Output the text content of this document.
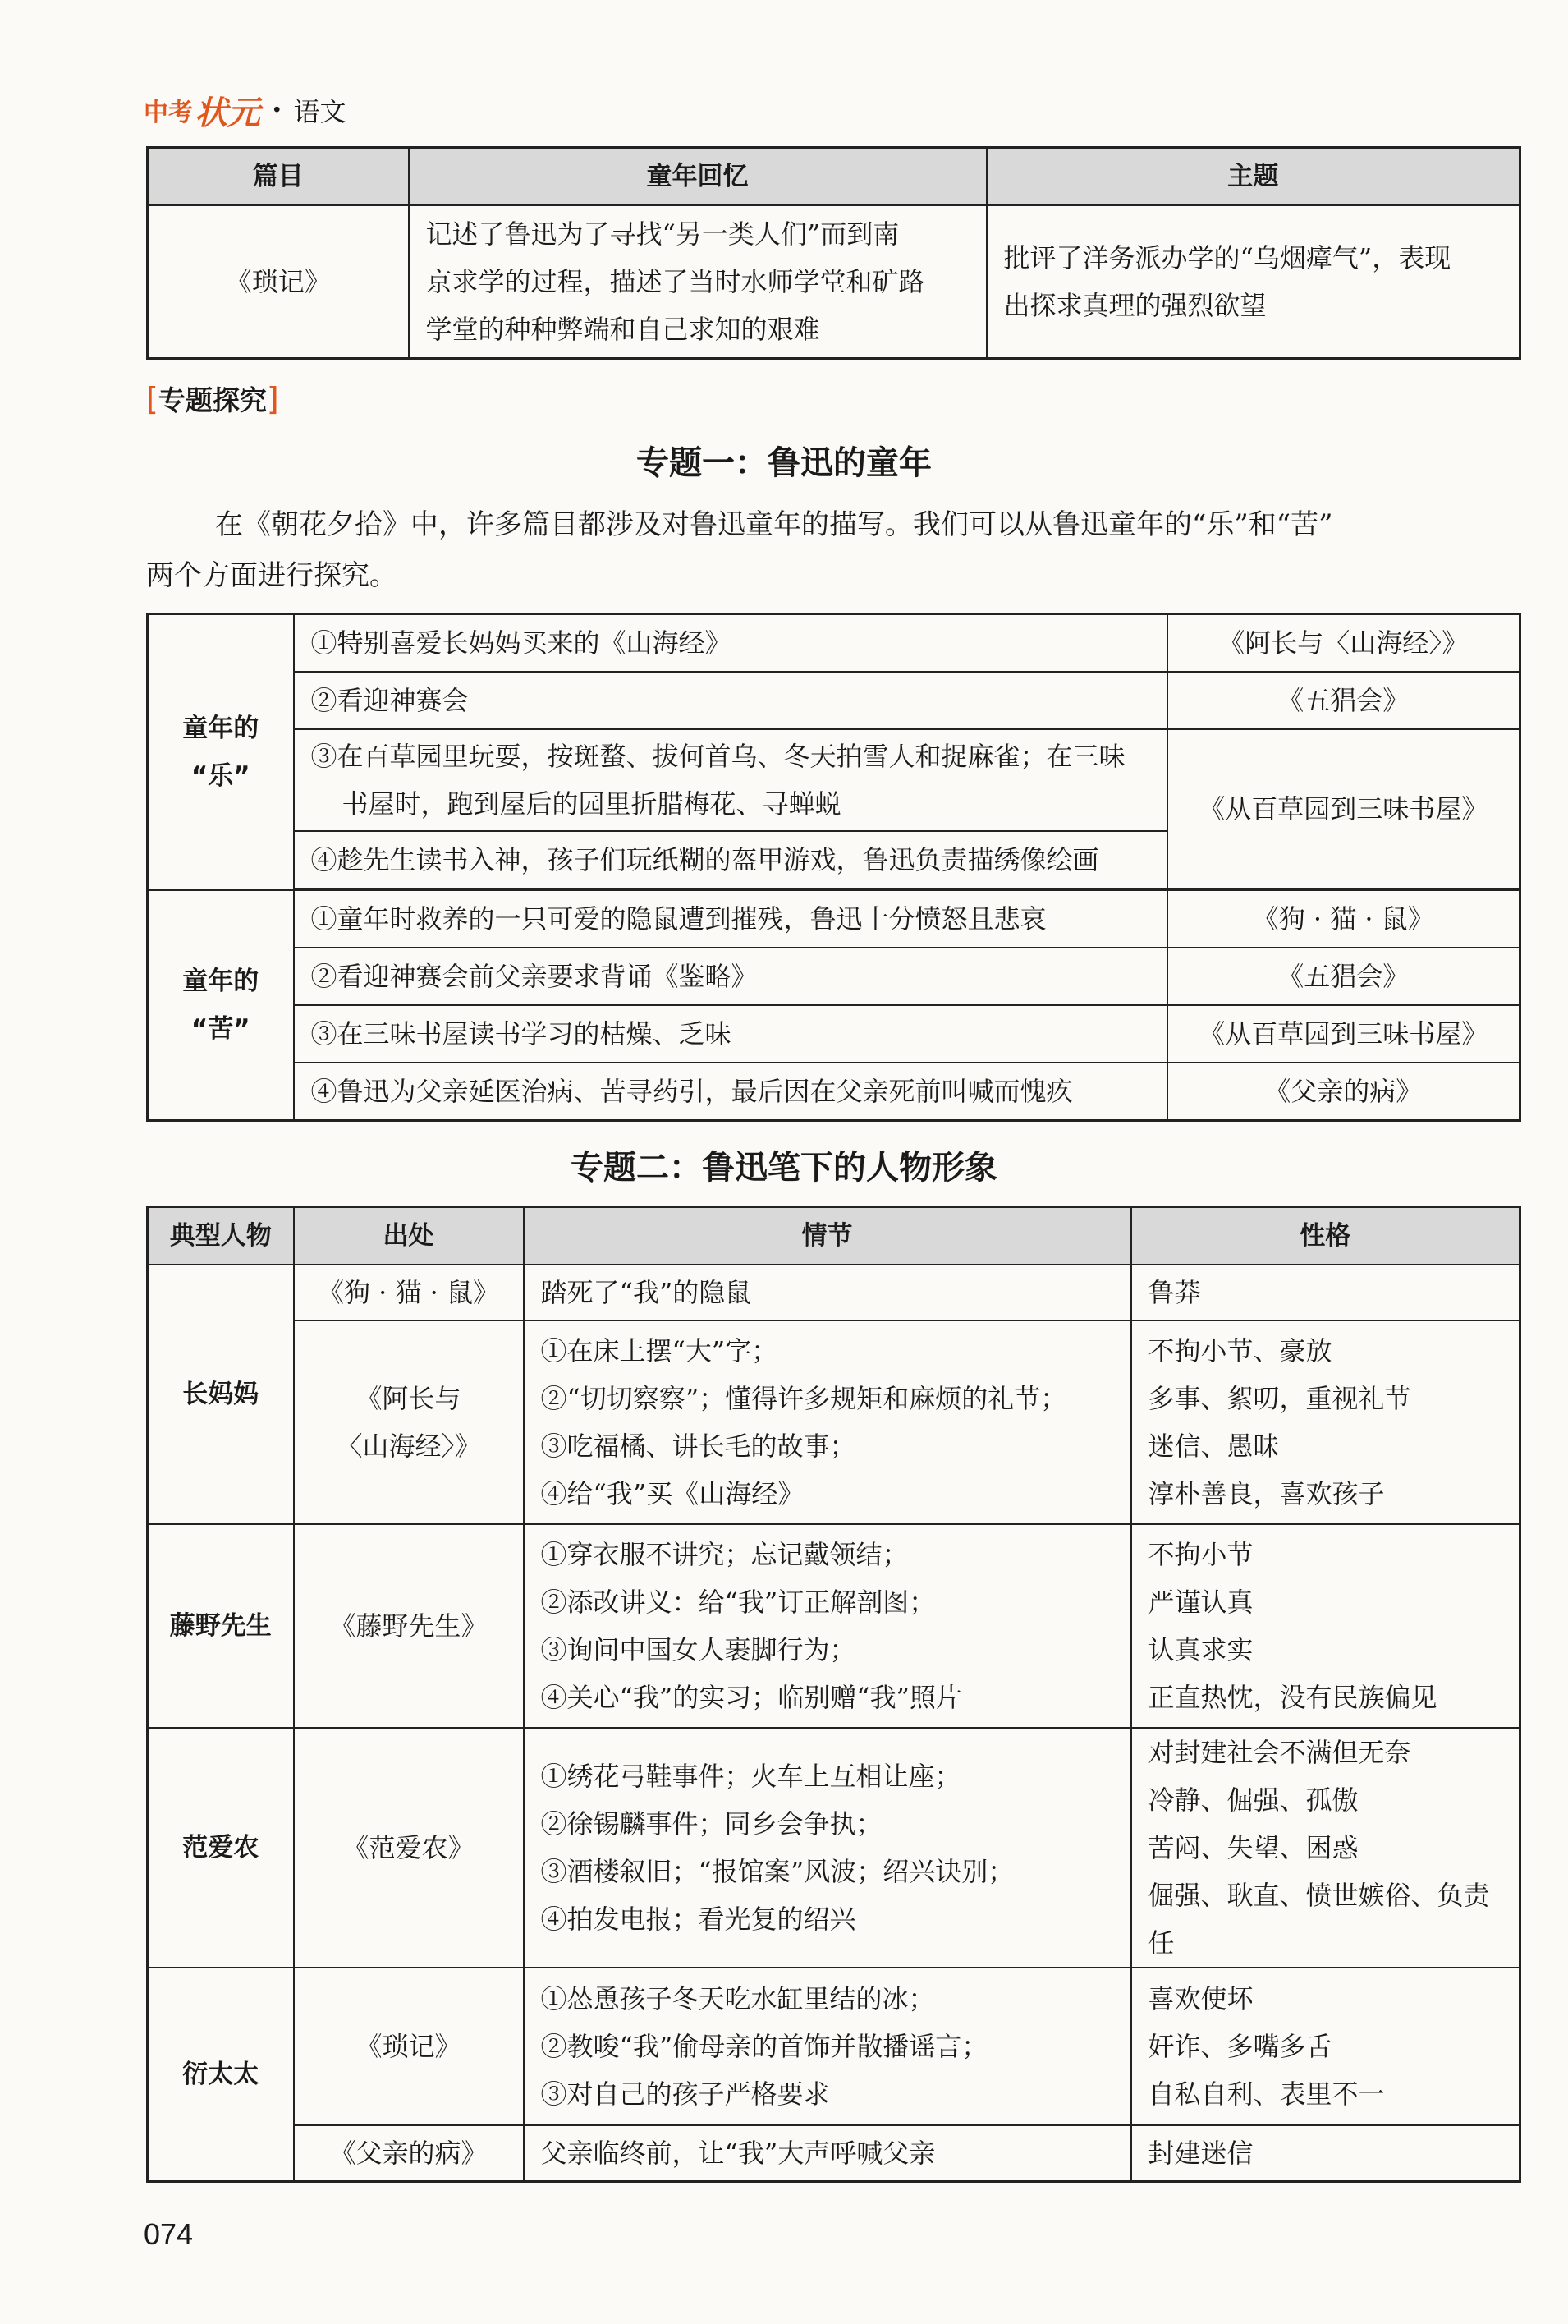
中考 状元 · 语文
篇目	童年回忆	主题
《琐记》	记述了鲁迅为了寻找“另一类人们”而到南
京求学的过程，描述了当时水师学堂和矿路
学堂的种种弊端和自己求知的艰难	批评了洋务派办学的“乌烟瘴气”，表现
出探求真理的强烈欲望
[专题探究]
专题一：鲁迅的童年
在《朝花夕拾》中，许多篇目都涉及对鲁迅童年的描写。我们可以从鲁迅童年的“乐”和“苦”
两个方面进行探究。
童年的
“乐”	①特别喜爱长妈妈买来的《山海经》	《阿长与〈山海经〉》
	②看迎神赛会	《五猖会》

	③在百草园里玩耍，按斑蝥、拔何首乌、冬天拍雪人和捉麻雀；在三味
书屋时，跑到屋后的园里折腊梅花、寻蝉蜕	《从百草园到三味书屋》
	④趁先生读书入神，孩子们玩纸糊的盔甲游戏，鲁迅负责描绣像绘画	

童年的
“苦”	①童年时救养的一只可爱的隐鼠遭到摧残，鲁迅十分愤怒且悲哀	《狗 · 猫 · 鼠》
	②看迎神赛会前父亲要求背诵《鉴略》	《五猖会》
	③在三味书屋读书学习的枯燥、乏味	《从百草园到三味书屋》
	④鲁迅为父亲延医治病、苦寻药引，最后因在父亲死前叫喊而愧疚	《父亲的病》
专题二：鲁迅笔下的人物形象
典型人物	出处	情节	性格
长妈妈	《狗 · 猫 · 鼠》	踏死了“我”的隐鼠	鲁莽

	《阿长与
〈山海经〉》	①在床上摆“大”字；
②“切切察察”；懂得许多规矩和麻烦的礼节；
③吃福橘、讲长毛的故事；
④给“我”买《山海经》	不拘小节、豪放
多事、絮叨，重视礼节
迷信、愚昧
淳朴善良，喜欢孩子

藤野先生	《藤野先生》	①穿衣服不讲究；忘记戴领结；
②添改讲义：给“我”订正解剖图；
③询问中国女人裹脚行为；
④关心“我”的实习；临别赠“我”照片	不拘小节
严谨认真
认真求实
正直热忱，没有民族偏见

范爱农	《范爱农》	①绣花弓鞋事件；火车上互相让座；
②徐锡麟事件；同乡会争执；
③酒楼叙旧；“报馆案”风波；绍兴诀别；
④拍发电报；看光复的绍兴	对封建社会不满但无奈
冷静、倔强、孤傲
苦闷、失望、困惑
倔强、耿直、愤世嫉俗、负责任

衍太太	《琐记》	①怂恿孩子冬天吃水缸里结的冰；
②教唆“我”偷母亲的首饰并散播谣言；
③对自己的孩子严格要求	喜欢使坏
奸诈、多嘴多舌
自私自利、表里不一

	《父亲的病》	父亲临终前，让“我”大声呼喊父亲	封建迷信
074
